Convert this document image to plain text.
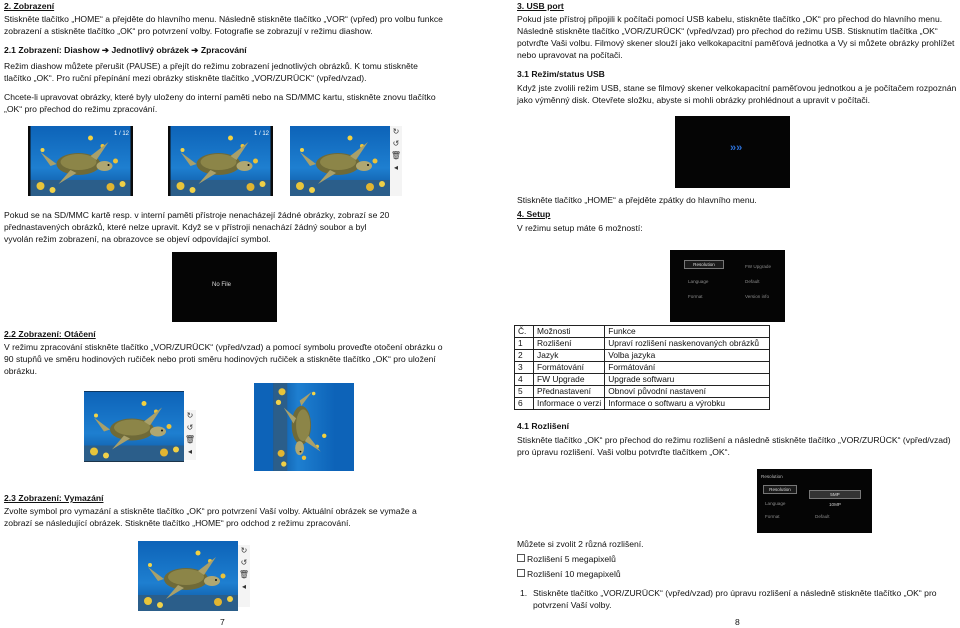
2. Zobrazení

Stiskněte tlačítko „HOME“ a přejděte do hlavního menu. Následně stiskněte tlačítko „VOR“ (vpřed) pro volbu funkce zobrazení a stiskněte tlačítko „OK“ pro potvrzení volby. Fotografie se zobrazují v režimu diashow.

2.1 Zobrazení: Diashow ➔ Jednotlivý obrázek ➔ Zpracování

Režim diashow můžete přerušit (PAUSE) a přejít do režimu zobrazení jednotlivých obrázků. K tomu stiskněte tlačítko „OK“. Pro ruční přepínání mezi obrázky stiskněte tlačítko „VOR/ZURÜCK“ (vpřed/vzad).

Chcete-li upravovat obrázky, které byly uloženy do interní paměti nebo na SD/MMC kartu, stiskněte znovu tlačítko „OK“ pro přechod do režimu zpracování.

1 / 12	1 / 12	↻
↺
🗑
◂

Pokud se na SD/MMC kartě resp. v interní paměti přístroje nenacházejí žádné obrázky, zobrazí se 20 přednastavených obrázků, které nelze upravit. Když se v přístroji nenachází žádný soubor a byl vyvolán režim zobrazení, na obrazovce se objeví odpovídající symbol.

No File
2.2 Zobrazení: Otáčení

V režimu zpracování stiskněte tlačítko „VOR/ZURÜCK“ (vpřed/vzad) a pomocí symbolu proveďte otočení obrázku o 90 stupňů ve směru hodinových ručiček nebo proti směru hodinových ručiček a stiskněte tlačítko „OK“ pro uložení obrázku.

↻
↺
🗑
◂
2.3 Zobrazení: Vymazání

Zvolte symbol pro vymazání a stiskněte tlačítko „OK“ pro potvrzení Vaší volby. Aktuální obrázek se vymaže a zobrazí se následující obrázek. Stiskněte tlačítko „HOME“ pro odchod z režimu zpracování.

↻
↺
🗑
◂
7
3. USB port

Pokud jste přístroj připojili k počítači pomocí USB kabelu, stiskněte tlačítko „OK“ pro přechod do hlavního menu. Následně stiskněte tlačítko „VOR/ZURÜCK“ (vpřed/vzad) pro přechod do režimu USB. Stisknutím tlačítka „OK“ potvrďte Vaši volbu. Filmový skener slouží jako velkokapacitní paměťová jednotka a Vy si můžete obrázky prohlížet nebo upravovat na počítači.

3.1 Režim/status USB

Když jste zvolili režim USB, stane se filmový skener velkokapacitní paměťovou jednotkou a je počítačem rozpoznán jako výměnný disk. Otevřete složku, abyste si mohli obrázky prohlédnout a upravit v počítači.

»»

Stiskněte tlačítko „HOME“ a přejděte zpátky do hlavního menu.

4. Setup

V režimu setup máte 6 možností:

Resolution	FW Upgrade
Language	Default
Format	Version info
Č.	Možnosti	Funkce
1	Rozlišení	Upraví rozlišení naskenovaných obrázků
2	Jazyk	Volba jazyka
3	Formátování	Formátování
4	FW Upgrade	Upgrade softwaru
5	Přednastavení	Obnoví původní nastavení
6	Informace o verzi	Informace o softwaru a výrobku
4.1 Rozlišení

Stiskněte tlačítko „OK“ pro přechod do režimu rozlišení a následně stiskněte tlačítko „VOR/ZURÜCK“ (vpřed/vzad) pro úpravu rozlišení. Vaši volbu potvrďte tlačítkem „OK“.

Resolution
Resolution
Language
Format
5MP
10MP
Default
Můžete si zvolit 2 různá rozlišení.
Rozlišení 5 megapixelů
Rozlišení 10 megapixelů
1. Stiskněte tlačítko „VOR/ZURÜCK“ (vpřed/vzad) pro úpravu rozlišení a následně stiskněte tlačítko „OK“ pro potvrzení Vaší volby.

8
